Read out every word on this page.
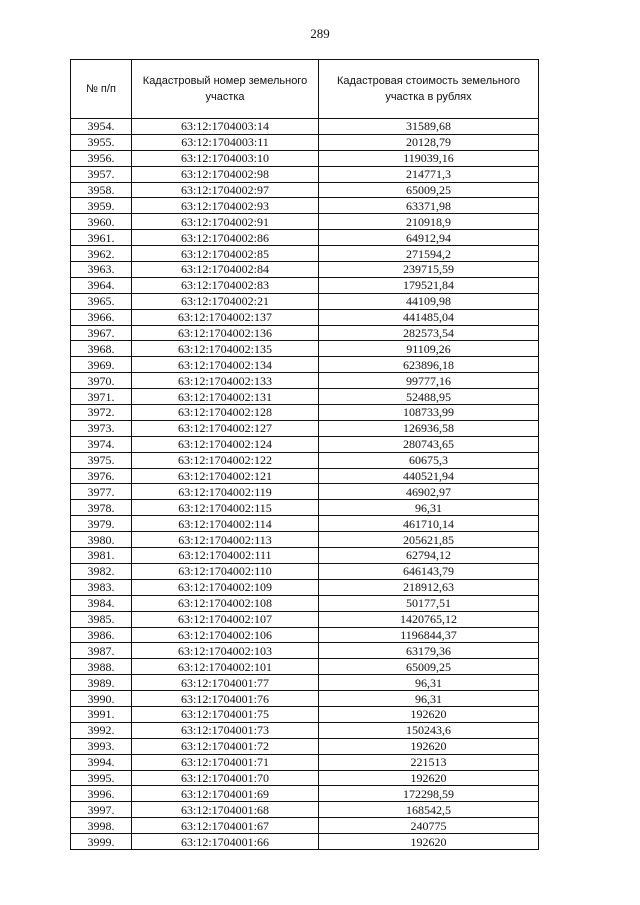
289
№ п/п	Кадастровый номер земельного участка	Кадастровая стоимость земельного участка в рублях
3954.	63:12:1704003:14	31589,68
3955.	63:12:1704003:11	20128,79
3956.	63:12:1704003:10	119039,16
3957.	63:12:1704002:98	214771,3
3958.	63:12:1704002:97	65009,25
3959.	63:12:1704002:93	63371,98
3960.	63:12:1704002:91	210918,9
3961.	63:12:1704002:86	64912,94
3962.	63:12:1704002:85	271594,2
3963.	63:12:1704002:84	239715,59
3964.	63:12:1704002:83	179521,84
3965.	63:12:1704002:21	44109,98
3966.	63:12:1704002:137	441485,04
3967.	63:12:1704002:136	282573,54
3968.	63:12:1704002:135	91109,26
3969.	63:12:1704002:134	623896,18
3970.	63:12:1704002:133	99777,16
3971.	63:12:1704002:131	52488,95
3972.	63:12:1704002:128	108733,99
3973.	63:12:1704002:127	126936,58
3974.	63:12:1704002:124	280743,65
3975.	63:12:1704002:122	60675,3
3976.	63:12:1704002:121	440521,94
3977.	63:12:1704002:119	46902,97
3978.	63:12:1704002:115	96,31
3979.	63:12:1704002:114	461710,14
3980.	63:12:1704002:113	205621,85
3981.	63:12:1704002:111	62794,12
3982.	63:12:1704002:110	646143,79
3983.	63:12:1704002:109	218912,63
3984.	63:12:1704002:108	50177,51
3985.	63:12:1704002:107	1420765,12
3986.	63:12:1704002:106	1196844,37
3987.	63:12:1704002:103	63179,36
3988.	63:12:1704002:101	65009,25
3989.	63:12:1704001:77	96,31
3990.	63:12:1704001:76	96,31
3991.	63:12:1704001:75	192620
3992.	63:12:1704001:73	150243,6
3993.	63:12:1704001:72	192620
3994.	63:12:1704001:71	221513
3995.	63:12:1704001:70	192620
3996.	63:12:1704001:69	172298,59
3997.	63:12:1704001:68	168542,5
3998.	63:12:1704001:67	240775
3999.	63:12:1704001:66	192620
